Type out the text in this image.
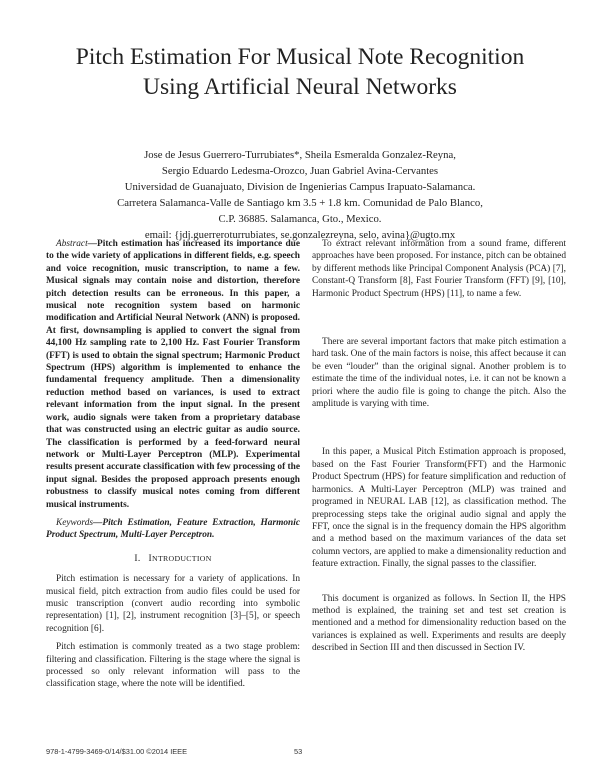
Pitch Estimation For Musical Note Recognition
Using Artificial Neural Networks
Jose de Jesus Guerrero-Turrubiates*, Sheila Esmeralda Gonzalez-Reyna,
Sergio Eduardo Ledesma-Orozco, Juan Gabriel Avina-Cervantes
Universidad de Guanajuato, Division de Ingenierias Campus Irapuato-Salamanca.
Carretera Salamanca-Valle de Santiago km 3.5 + 1.8 km. Comunidad de Palo Blanco,
C.P. 36885. Salamanca, Gto., Mexico.
email: {jdj.guerreroturrubiates, se.gonzalezreyna, selo, avina}@ugto.mx

Abstract—Pitch estimation has increased its importance due to the wide variety of applications in different fields, e.g. speech and voice recognition, music transcription, to name a few. Musical signals may contain noise and distortion, therefore pitch detection results can be erroneous. In this paper, a musical note recognition system based on harmonic modification and Artificial Neural Network (ANN) is proposed. At first, downsampling is applied to convert the signal from 44,100 Hz sampling rate to 2,100 Hz. Fast Fourier Transform (FFT) is used to obtain the signal spectrum; Harmonic Product Spectrum (HPS) algorithm is implemented to enhance the fundamental frequency amplitude. Then a dimensionality reduction method based on variances, is used to extract relevant information from the input signal. In the present work, audio signals were taken from a proprietary database that was constructed using an electric guitar as audio source. The classification is performed by a feed-forward neural network or Multi-Layer Perceptron (MLP). Experimental results present accurate classification with few processing of the input signal. Besides the proposed approach presents enough robustness to classify musical notes coming from different musical instruments.

Keywords—Pitch Estimation, Feature Extraction, Harmonic Product Spectrum, Multi-Layer Perceptron.

I. INTRODUCTION

Pitch estimation is necessary for a variety of applications. In musical field, pitch extraction from audio files could be used for music transcription (convert audio recording into symbolic representation) [1], [2], instrument recognition [3]–[5], or speech recognition [6].

Pitch estimation is commonly treated as a two stage problem: filtering and classification. Filtering is the stage where the signal is processed so only relevant information will pass to the classification stage, where the note will be identified.

To extract relevant information from a sound frame, different approaches have been proposed. For instance, pitch can be obtained by different methods like Principal Component Analysis (PCA) [7], Constant-Q Transform [8], Fast Fourier Transform (FFT) [9], [10], Harmonic Product Spectrum (HPS) [11], to name a few.

There are several important factors that make pitch estimation a hard task. One of the main factors is noise, this affect because it can be even “louder” than the original signal. Another problem is to estimate the time of the individual notes, i.e. it can not be known a priori where the audio file is going to change the pitch. Also the amplitude is varying with time.

In this paper, a Musical Pitch Estimation approach is proposed, based on the Fast Fourier Transform(FFT) and the Harmonic Product Spectrum (HPS) for feature simplification and reduction of harmonics. A Multi-Layer Perceptron (MLP) was trained and programed in NEURAL LAB [12], as classification method. The preprocessing steps take the original audio signal and apply the FFT, once the signal is in the frequency domain the HPS algorithm and a method based on the maximum variances of the data set column vectors, are applied to make a dimensionality reduction and feature extraction. Finally, the signal passes to the classifier.

This document is organized as follows. In Section II, the HPS method is explained, the training set and test set creation is mentioned and a method for dimensionality reduction based on the variances is explained as well. Experiments and results are deeply described in Section III and then discussed in Section IV.

978-1-4799-3469-0/14/$31.00 ©2014 IEEE	53
